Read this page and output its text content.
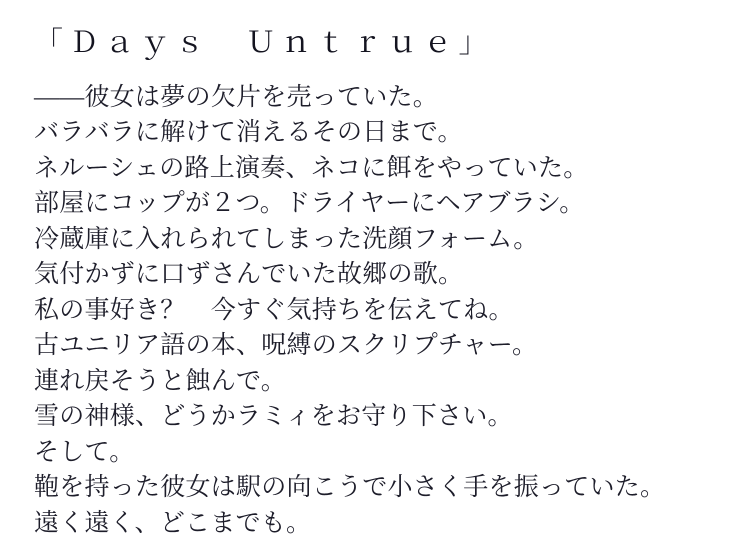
「Ｄａｙｓ　Ｕｎｔｒｕｅ」

――彼女は夢の欠片を売っていた。

バラバラに解けて消えるその日まで。

ネルーシェの路上演奏、ネコに餌をやっていた。

部屋にコップが２つ。ドライヤーにヘアブラシ。

冷蔵庫に入れられてしまった洗顔フォーム。

気付かずに口ずさんでいた故郷の歌。

私の事好き？　今すぐ気持ちを伝えてね。

古ユニリア語の本、呪縛のスクリプチャー。

連れ戻そうと蝕んで。

雪の神様、どうかラミィをお守り下さい。

そして。

鞄を持った彼女は駅の向こうで小さく手を振っていた。

遠く遠く、どこまでも。
